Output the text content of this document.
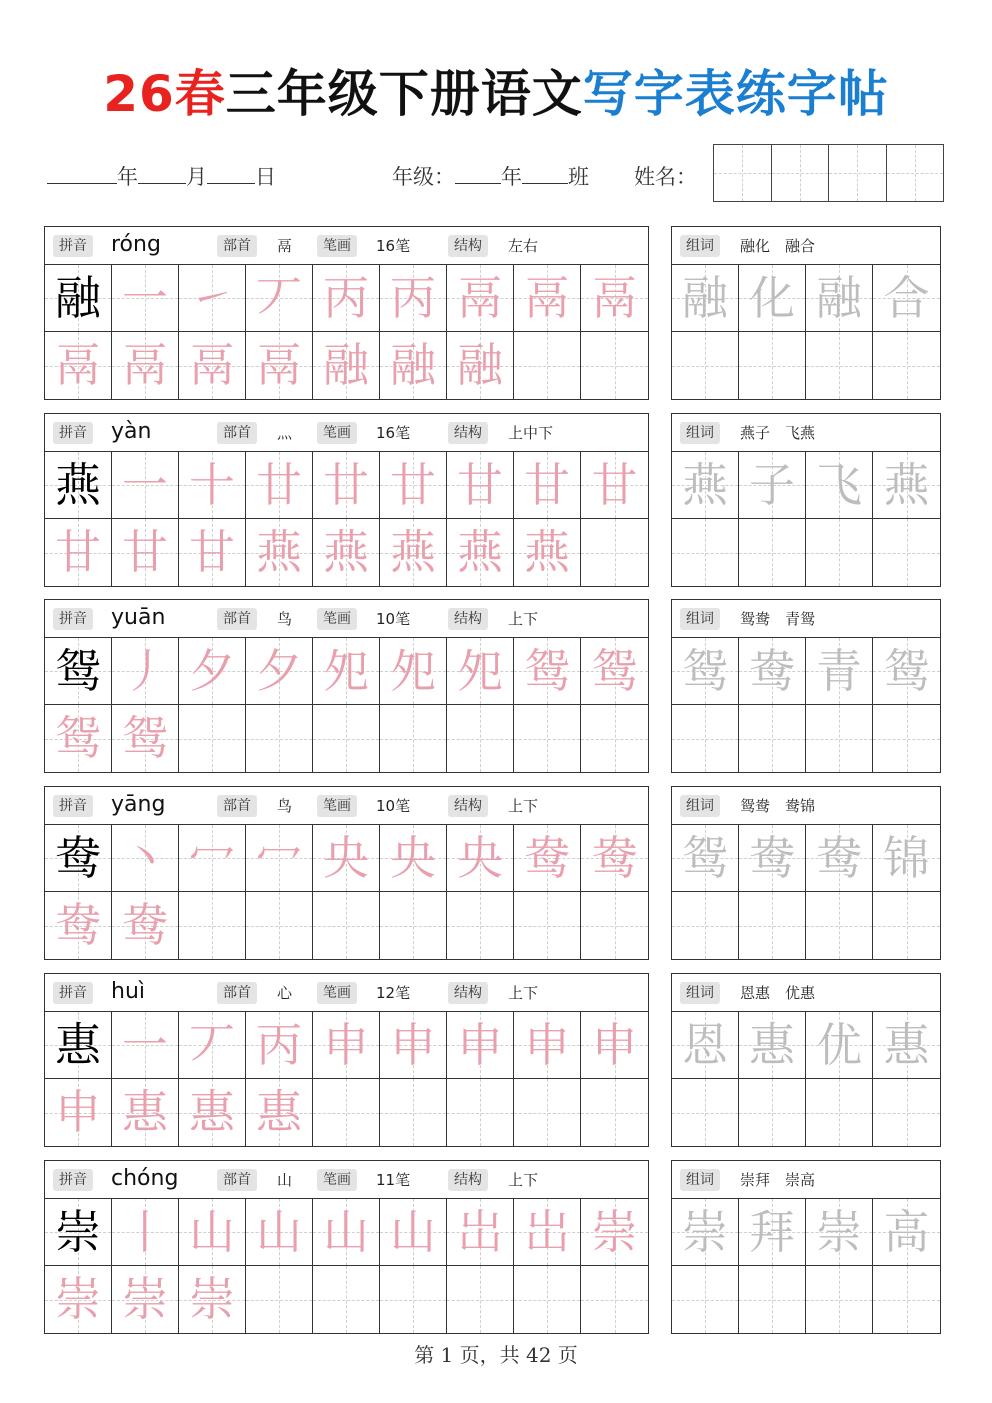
26春三年级下册语文写字表练字帖
年 月 日	年级： 年 班 姓名：
拼音 róng	部首	鬲	笔画	16笔	结构	左右
融 一 ㇀ 丆 丙 丙 鬲 鬲 鬲
鬲 鬲 鬲 鬲 融 融 融
组词	融化　融合
融 化 融 合
拼音 yàn	部首	灬	笔画	16笔	结构	上中下
燕 一 十 廿 廿 廿 甘 甘 甘
甘 甘 甘 燕 燕 燕 燕 燕
组词	燕子　飞燕
燕 子 飞 燕
拼音 yuān	部首	鸟	笔画	10笔	结构	上下
鸳 丿 夕 夕 夗 夗 夗 鸳 鸳
鸳 鸳
组词	鸳鸯　青鸳
鸳 鸯 青 鸳
拼音 yāng	部首	鸟	笔画	10笔	结构	上下
鸯 丶 冖 冖 央 央 央 鸯 鸯
鸯 鸯
组词	鸳鸯　鸯锦
鸳 鸯 鸯 锦
拼音 huì	部首	心	笔画	12笔	结构	上下
惠 一 丆 丙 申 申 申 申 申
申 惠 惠 惠
组词	恩惠　优惠
恩 惠 优 惠
拼音 chóng	部首	山	笔画	11笔	结构	上下
崇 丨 山 山 山 山 岀 岀 崇
崇 崇 崇
组词	崇拜　崇高
崇 拜 崇 高
第 1 页，共 42 页
